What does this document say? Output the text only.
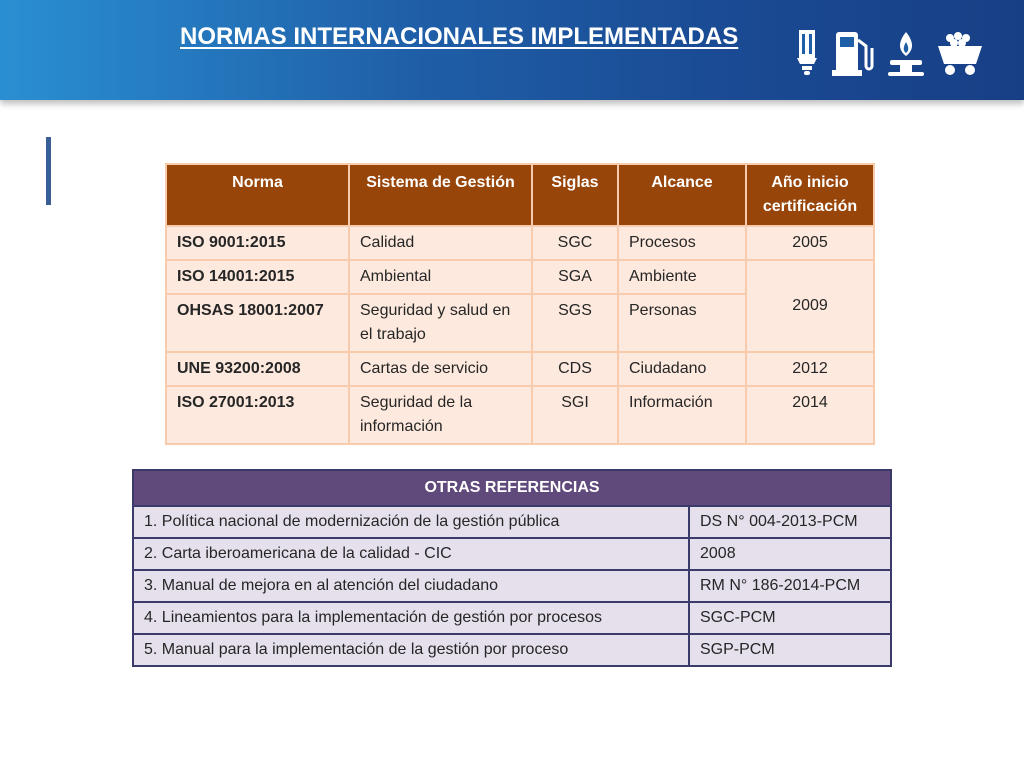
NORMAS INTERNACIONALES IMPLEMENTADAS
Norma	Sistema de Gestión	Siglas	Alcance	Año inicio certificación
ISO 9001:2015	Calidad	SGC	Procesos	2005
ISO 14001:2015	Ambiental	SGA	Ambiente	2009
OHSAS 18001:2007	Seguridad y salud en el trabajo	SGS	Personas	
UNE 93200:2008	Cartas de servicio	CDS	Ciudadano	2012
ISO 27001:2013	Seguridad de la información	SGI	Información	2014
OTRAS REFERENCIAS	
1. Política nacional de modernización de la gestión pública	DS N° 004-2013-PCM
2. Carta iberoamericana de la calidad - CIC	2008
3. Manual de mejora en al atención del ciudadano	RM N° 186-2014-PCM
4. Lineamientos para la implementación de gestión por procesos	SGC-PCM
5. Manual para la implementación de la gestión por proceso	SGP-PCM
